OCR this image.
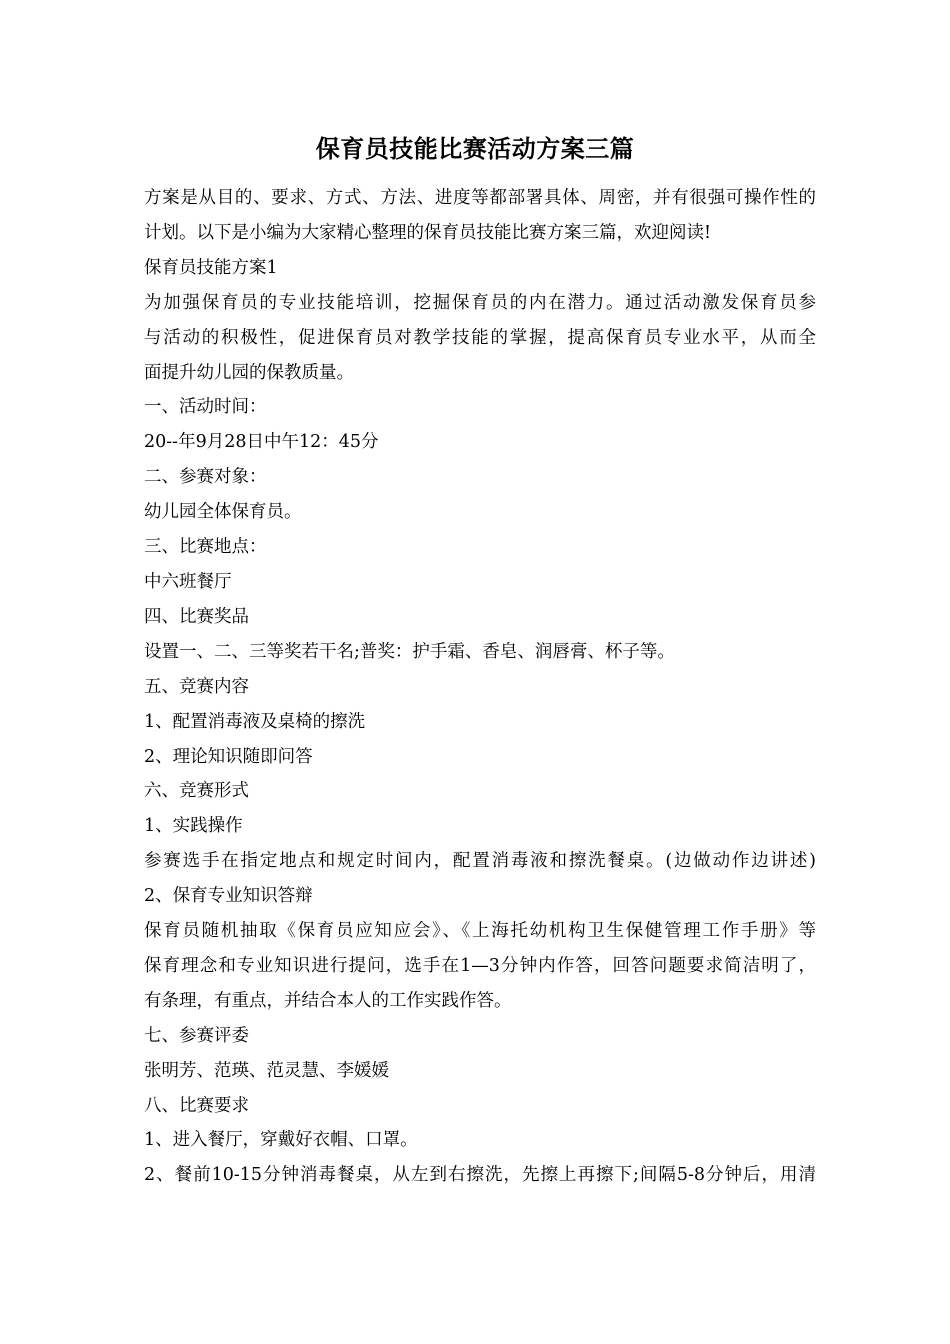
保育员技能比赛活动方案三篇
方案是从目的、要求、方式、方法、进度等都部署具体、周密，并有很强可操作性的
计划。以下是小编为大家精心整理的保育员技能比赛方案三篇，欢迎阅读!
保育员技能方案1
为加强保育员的专业技能培训，挖掘保育员的内在潜力。通过活动激发保育员参
与活动的积极性，促进保育员对教学技能的掌握，提高保育员专业水平，从而全
面提升幼儿园的保教质量。
一、活动时间：
20--年9月28日中午12：45分
二、参赛对象：
幼儿园全体保育员。
三、比赛地点：
中六班餐厅
四、比赛奖品
设置一、二、三等奖若干名;普奖：护手霜、香皂、润唇膏、杯子等。
五、竞赛内容
1、配置消毒液及桌椅的擦洗
2、理论知识随即问答
六、竞赛形式
1、实践操作
参赛选手在指定地点和规定时间内，配置消毒液和擦洗餐桌。(边做动作边讲述)
2、保育专业知识答辩
保育员随机抽取《保育员应知应会》、《上海托幼机构卫生保健管理工作手册》等
保育理念和专业知识进行提问，选手在1—3分钟内作答，回答问题要求简洁明了，
有条理，有重点，并结合本人的工作实践作答。
七、参赛评委
张明芳、范瑛、范灵慧、李媛媛
八、比赛要求
1、进入餐厅，穿戴好衣帽、口罩。
2、餐前10-15分钟消毒餐桌，从左到右擦洗，先擦上再擦下;间隔5-8分钟后，用清
